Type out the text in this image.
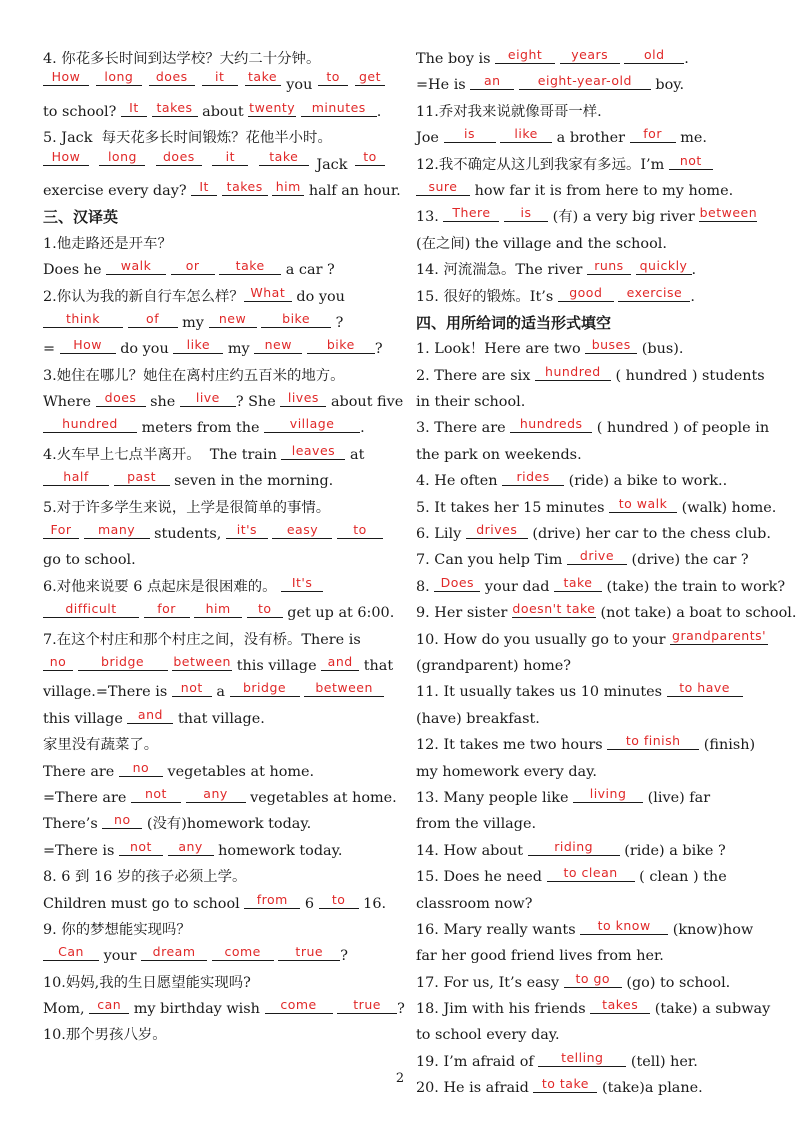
4. 你花多长时间到达学校？大约二十分钟。
How
	long
	does
	it
	take
you
to
	get
to school? It takes about twenty minutes .
5. Jack  每天花多长时间锻炼？花他半小时。
How
	long
	does
	it
	take
Jack
to
exercise every day? It takes him half an hour.
三、汉译英
1.他走路还是开车？
Does he walk	or	take a car ?
2.你认为我的新自行车怎么样？ What do you
think	of my new	bike ?
= How do you like my new	bike ?
3.她住在哪儿？她住在离村庄约五百米的地方。
Where does she live ? She lives about five
hundred meters from the village .
4.火车早上七点半离开。  The train leaves at
half	past seven in the morning.
5.对于许多学生来说，上学是很简单的事情。
For many students, it's easy	to
go to school.
6.对他来说要 6 点起床是很困难的。 It's
difficult	for him to get up at 6:00.
7.在这个村庄和那个村庄之间，没有桥。There is
no	bridge between this village and that
village.=There is not a bridge between
this village and that village.
家里没有蔬菜了。
There are no vegetables at home.
=There are not	any vegetables at home.
There’s no (没有)homework today.
=There is not any homework today.
8. 6 到 16 岁的孩子必须上学。
Children must go to school from 6 to 16.
9. 你的梦想能实现吗？
Can your dream come	true ?
10.妈妈,我的生日愿望能实现吗?
Mom, can my birthday wish come	true ?
10.那个男孩八岁。
The boy is eight years	old .
=He is an	eight-year-old boy.
11.乔对我来说就像哥哥一样.
Joe is	like a brother for me.
12.我不确定从这儿到我家有多远。I’m not
sure how far it is from here to my home.
13. There is (有) a very big river between
(在之间) the village and the school.
14. 河流湍急。The river runs quickly .
15. 很好的锻炼。It’s good exercise .
四、用所给词的适当形式填空
1. Look！Here are two buses (bus).
2. There are six hundred ( hundred ) students
in their school.
3. There are hundreds ( hundred ) of people in
the park on weekends.
4. He often rides (ride) a bike to work..
5. It takes her 15 minutes to walk (walk) home.
6. Lily drives (drive) her car to the chess club.
7. Can you help Tim drive (drive) the car ?
8. Does your dad take (take) the train to work?
9. Her sister doesn't take (not take) a boat to school.
10. How do you usually go to your grandparents'
(grandparent) home?
11. It usually takes us 10 minutes to have
(have) breakfast.
12. It takes me two hours to finish (finish)
my homework every day.
13. Many people like living (live) far
from the village.
14. How about riding (ride) a bike ?
15. Does he need to clean ( clean ) the
classroom now?
16. Mary really wants to know (know)how
far her good friend lives from her.
17. For us, It’s easy to go (go) to school.
18. Jim with his friends takes (take) a subway
to school every day.
19. I’m afraid of telling (tell) her.
20. He is afraid to take (take)a plane.
2
